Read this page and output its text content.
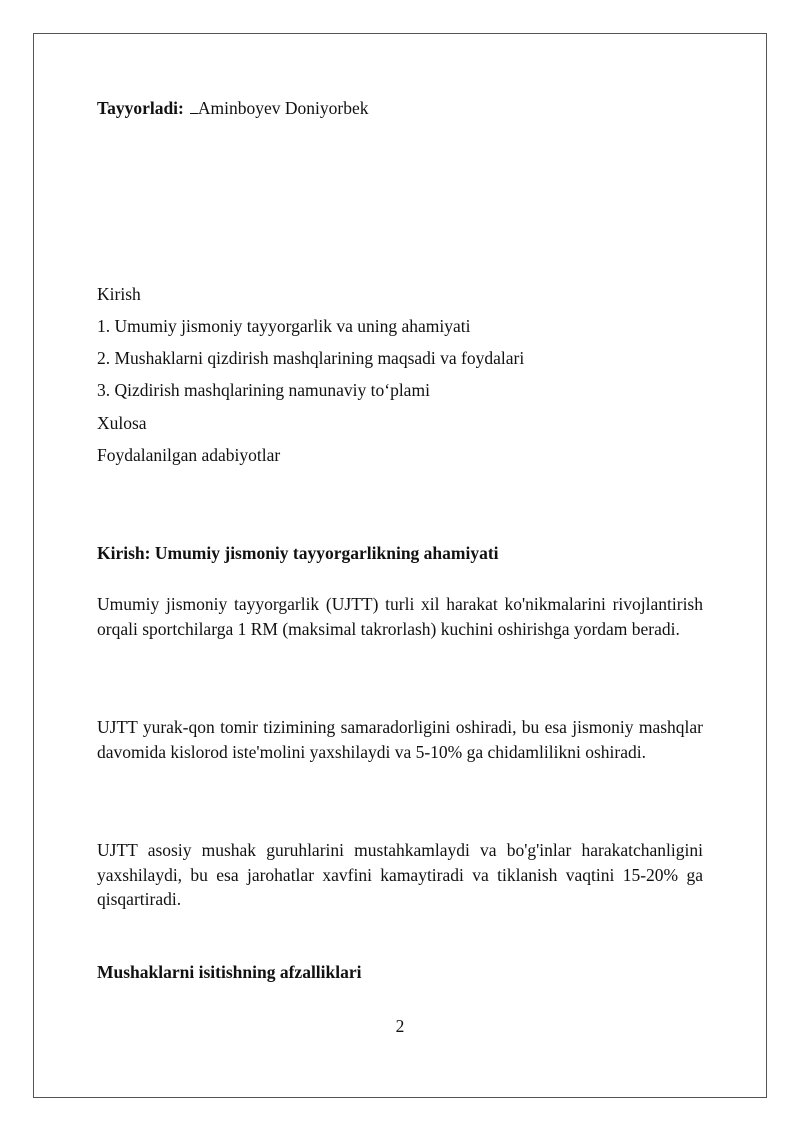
Tayyorladi: Aminboyev Doniyorbek
Kirish
1. Umumiy jismoniy tayyorgarlik va uning ahamiyati
2. Mushaklarni qizdirish mashqlarining maqsadi va foydalari
3. Qizdirish mashqlarining namunaviy to‘plami
Xulosa
Foydalanilgan adabiyotlar
Kirish: Umumiy jismoniy tayyorgarlikning ahamiyati
Umumiy jismoniy tayyorgarlik (UJTT) turli xil harakat ko'nikmalarini rivojlantirish orqali sportchilarga 1 RM (maksimal takrorlash) kuchini oshirishga yordam beradi.
UJTT yurak-qon tomir tizimining samaradorligini oshiradi, bu esa jismoniy mashqlar davomida kislorod iste'molini yaxshilaydi va 5-10% ga chidamlilikni oshiradi.
UJTT asosiy mushak guruhlarini mustahkamlaydi va bo'g'inlar harakatchanligini yaxshilaydi, bu esa jarohatlar xavfini kamaytiradi va tiklanish vaqtini 15-20% ga qisqartiradi.
Mushaklarni isitishning afzalliklari
2
